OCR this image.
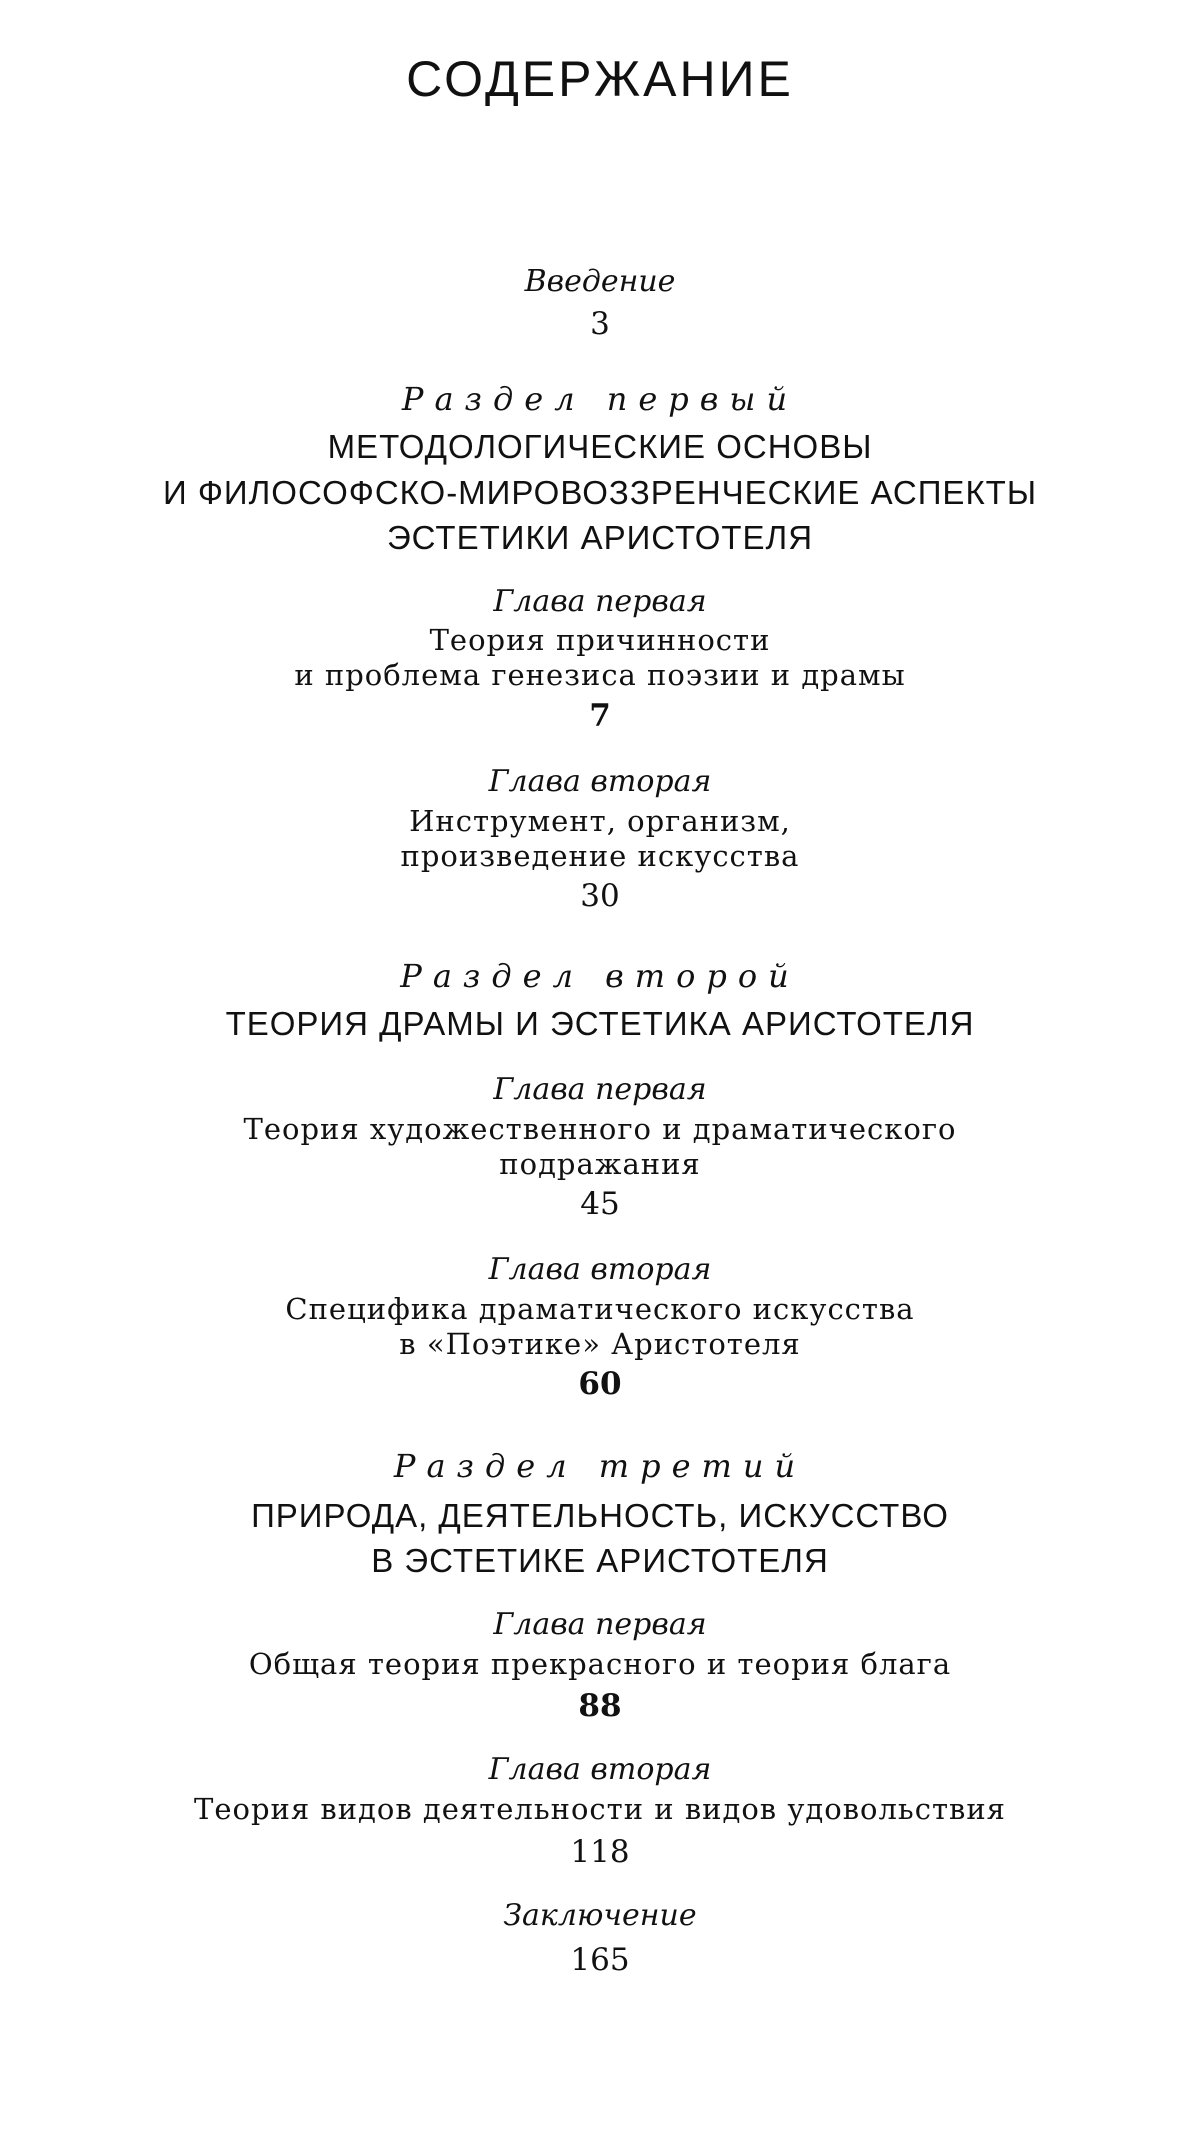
СОДЕРЖАНИЕ
Введение
3
Раздел первый
МЕТОДОЛОГИЧЕСКИЕ ОСНОВЫ
И ФИЛОСОФСКО-МИРОВОЗЗРЕНЧЕСКИЕ АСПЕКТЫ
ЭСТЕТИКИ АРИСТОТЕЛЯ
Глава первая
Теория причинности
и проблема генезиса поэзии и драмы
7
Глава вторая
Инструмент, организм,
произведение искусства
30
Раздел второй
ТЕОРИЯ ДРАМЫ И ЭСТЕТИКА АРИСТОТЕЛЯ
Глава первая
Теория художественного и драматического
подражания
45
Глава вторая
Специфика драматического искусства
в «Поэтике» Аристотеля
60
Раздел третий
ПРИРОДА, ДЕЯТЕЛЬНОСТЬ, ИСКУССТВО
В ЭСТЕТИКЕ АРИСТОТЕЛЯ
Глава первая
Общая теория прекрасного и теория блага
88
Глава вторая
Теория видов деятельности и видов удовольствия
118
Заключение
165
